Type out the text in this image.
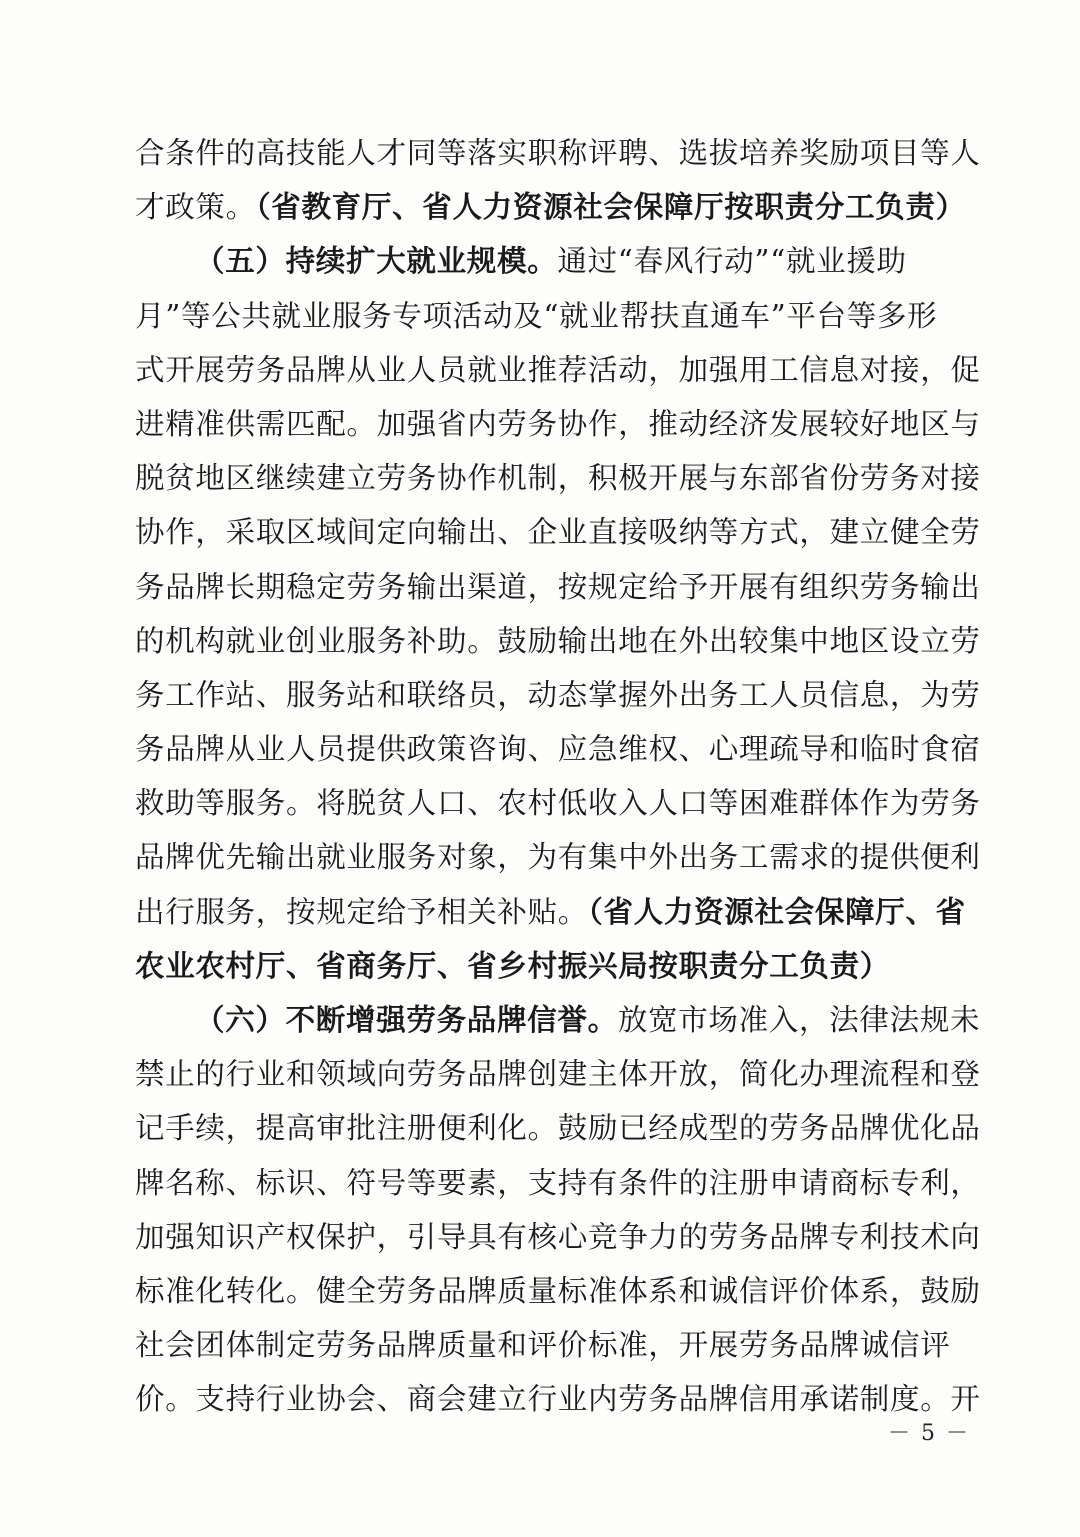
合条件的高技能人才同等落实职称评聘、选拔培养奖励项目等人
才政策。（省教育厅、省人力资源社会保障厅按职责分工负责）
（五）持续扩大就业规模。通过“春风行动”“就业援助
月”等公共就业服务专项活动及“就业帮扶直通车”平台等多形
式开展劳务品牌从业人员就业推荐活动，加强用工信息对接，促
进精准供需匹配。加强省内劳务协作，推动经济发展较好地区与
脱贫地区继续建立劳务协作机制，积极开展与东部省份劳务对接
协作，采取区域间定向输出、企业直接吸纳等方式，建立健全劳
务品牌长期稳定劳务输出渠道，按规定给予开展有组织劳务输出
的机构就业创业服务补助。鼓励输出地在外出较集中地区设立劳
务工作站、服务站和联络员，动态掌握外出务工人员信息，为劳
务品牌从业人员提供政策咨询、应急维权、心理疏导和临时食宿
救助等服务。将脱贫人口、农村低收入人口等困难群体作为劳务
品牌优先输出就业服务对象，为有集中外出务工需求的提供便利
出行服务，按规定给予相关补贴。（省人力资源社会保障厅、省
农业农村厅、省商务厅、省乡村振兴局按职责分工负责）
（六）不断增强劳务品牌信誉。放宽市场准入，法律法规未
禁止的行业和领域向劳务品牌创建主体开放，简化办理流程和登
记手续，提高审批注册便利化。鼓励已经成型的劳务品牌优化品
牌名称、标识、符号等要素，支持有条件的注册申请商标专利，
加强知识产权保护，引导具有核心竞争力的劳务品牌专利技术向
标准化转化。健全劳务品牌质量标准体系和诚信评价体系，鼓励
社会团体制定劳务品牌质量和评价标准，开展劳务品牌诚信评
价。支持行业协会、商会建立行业内劳务品牌信用承诺制度。开
－ 5 －
